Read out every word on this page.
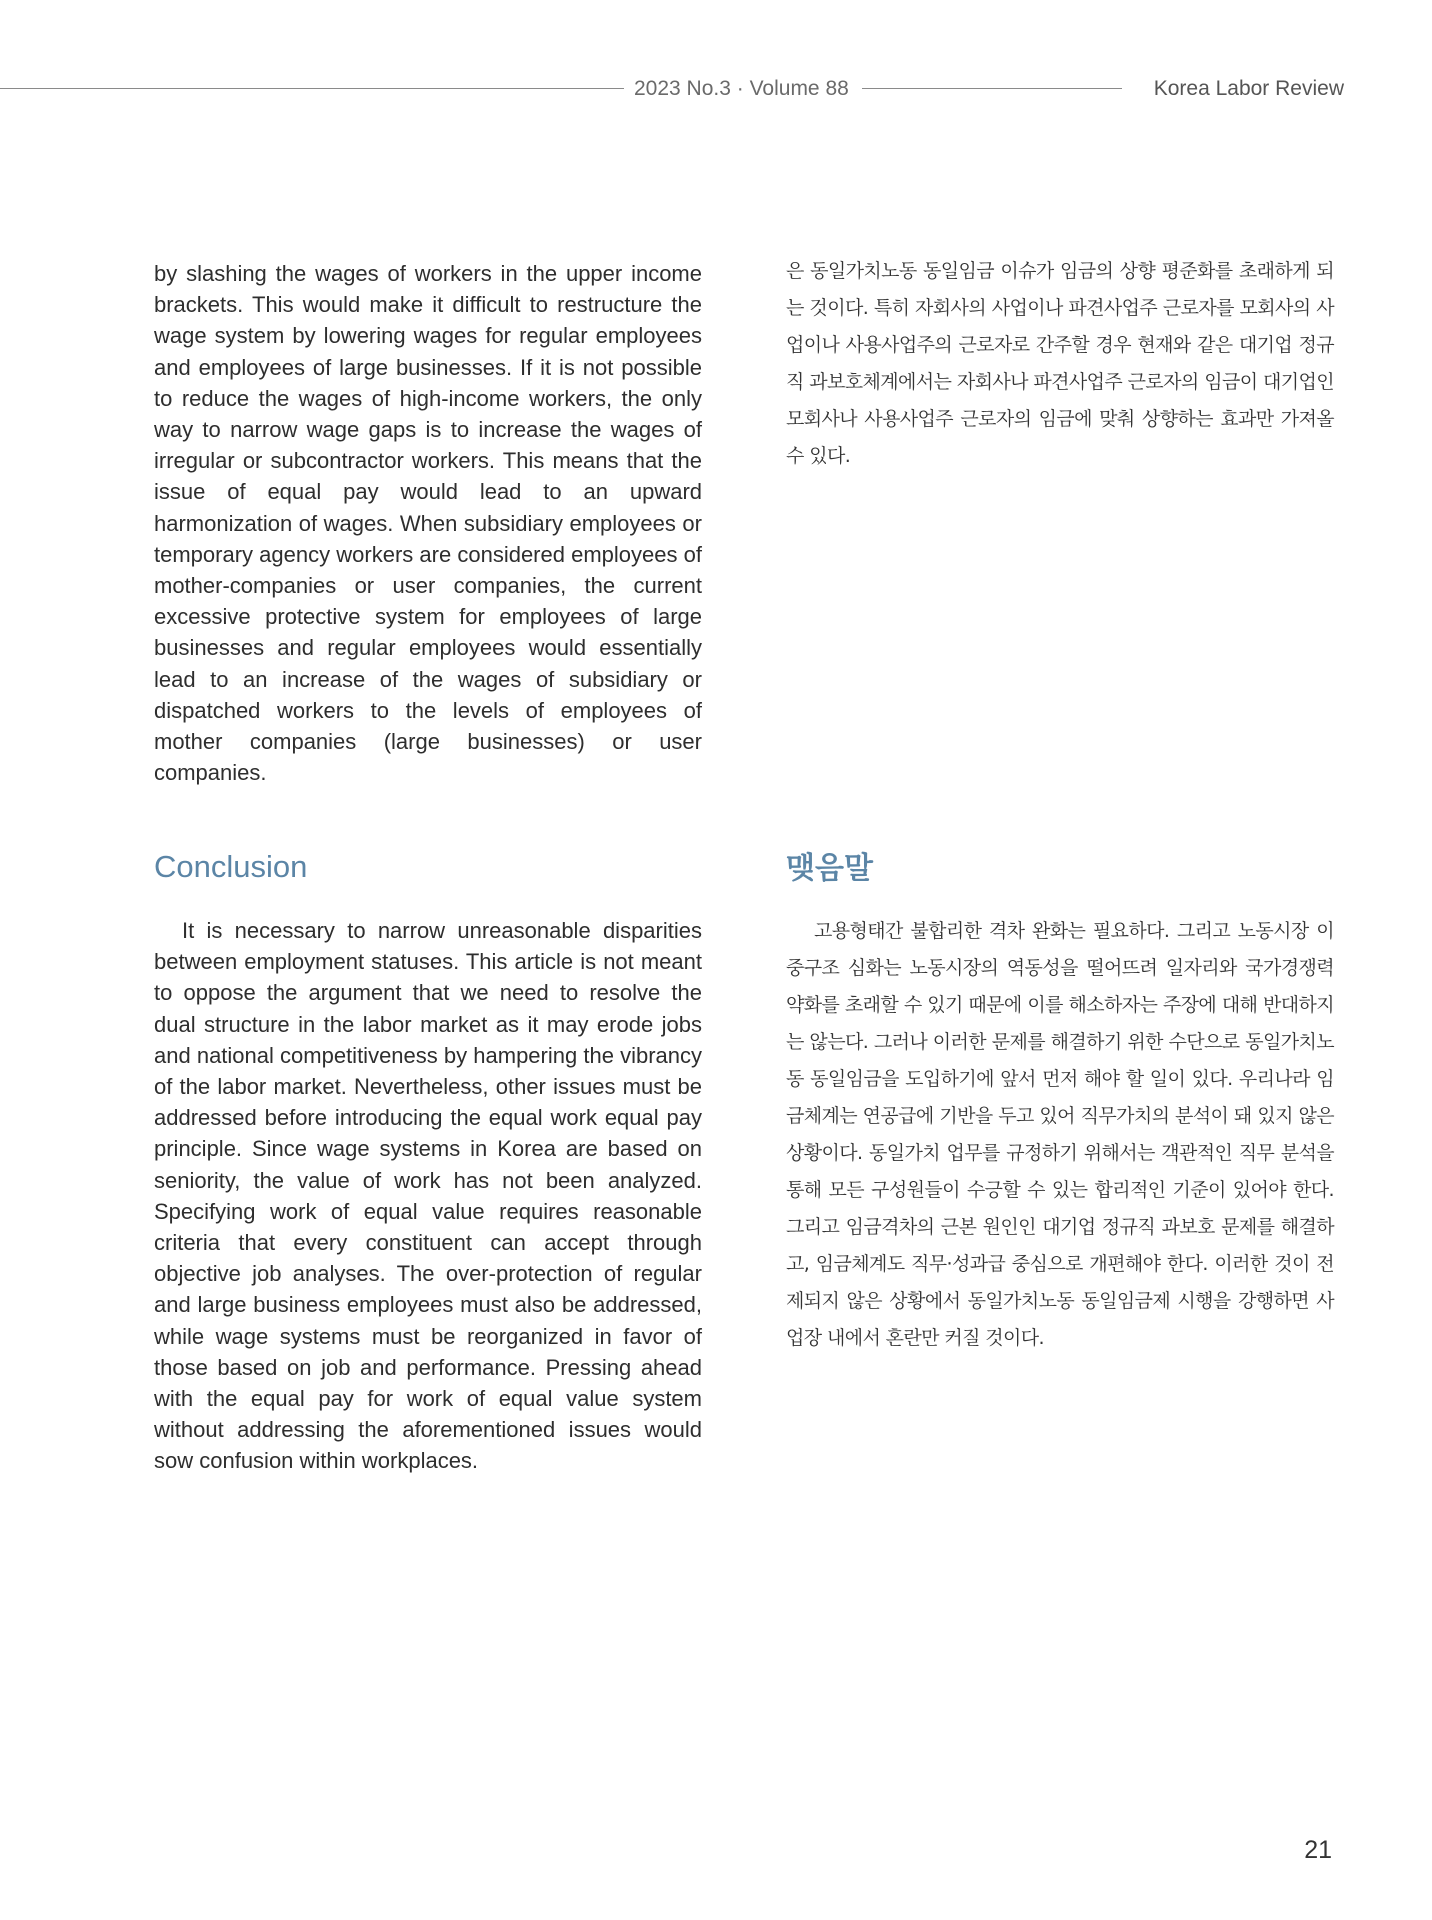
2023 No.3 · Volume 88	Korea Labor Review

by slashing the wages of workers in the upper income brackets. This would make it difficult to restructure the wage system by lowering wages for regular employees and employees of large businesses. If it is not possible to reduce the wages of high-income workers, the only way to narrow wage gaps is to increase the wages of irregular or subcontractor workers. This means that the issue of equal pay would lead to an upward harmonization of wages. When subsidiary employees or temporary agency workers are considered employees of mother-companies or user companies, the current excessive protective system for employees of large businesses and regular employees would essentially lead to an increase of the wages of subsidiary or dispatched workers to the levels of employees of mother companies (large businesses) or user companies.

은 동일가치노동 동일임금 이슈가 임금의 상향 평준화를 초래하게 되는 것이다. 특히 자회사의 사업이나 파견사업주 근로자를 모회사의 사업이나 사용사업주의 근로자로 간주할 경우 현재와 같은 대기업 정규직 과보호체계에서는 자회사나 파견사업주 근로자의 임금이 대기업인 모회사나 사용사업주 근로자의 임금에 맞춰 상향하는 효과만 가져올 수 있다.

Conclusion	맺음말

It is necessary to narrow unreasonable disparities between employment statuses. This article is not meant to oppose the argument that we need to resolve the dual structure in the labor market as it may erode jobs and national competitiveness by hampering the vibrancy of the labor market. Nevertheless, other issues must be addressed before introducing the equal work equal pay principle. Since wage systems in Korea are based on seniority, the value of work has not been analyzed. Specifying work of equal value requires reasonable criteria that every constituent can accept through objective job analyses. The over-protection of regular and large business employees must also be addressed, while wage systems must be reorganized in favor of those based on job and performance. Pressing ahead with the equal pay for work of equal value system without addressing the aforementioned issues would sow confusion within workplaces.

고용형태간 불합리한 격차 완화는 필요하다. 그리고 노동시장 이중구조 심화는 노동시장의 역동성을 떨어뜨려 일자리와 국가경쟁력 약화를 초래할 수 있기 때문에 이를 해소하자는 주장에 대해 반대하지는 않는다. 그러나 이러한 문제를 해결하기 위한 수단으로 동일가치노동 동일임금을 도입하기에 앞서 먼저 해야 할 일이 있다. 우리나라 임금체계는 연공급에 기반을 두고 있어 직무가치의 분석이 돼 있지 않은 상황이다. 동일가치 업무를 규정하기 위해서는 객관적인 직무 분석을 통해 모든 구성원들이 수긍할 수 있는 합리적인 기준이 있어야 한다. 그리고 임금격차의 근본 원인인 대기업 정규직 과보호 문제를 해결하고, 임금체계도 직무·성과급 중심으로 개편해야 한다. 이러한 것이 전제되지 않은 상황에서 동일가치노동 동일임금제 시행을 강행하면 사업장 내에서 혼란만 커질 것이다.

21
